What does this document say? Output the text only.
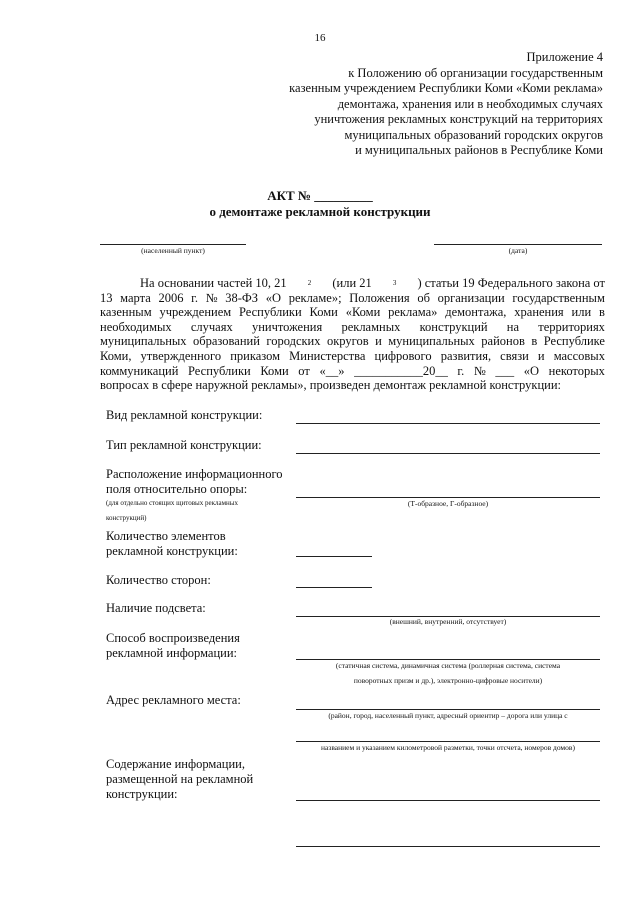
16
Приложение 4
к Положению об организации государственным
казенным учреждением Республики Коми «Коми реклама»
демонтажа, хранения или в необходимых случаях
уничтожения рекламных конструкций на территориях
муниципальных образований городских округов
и муниципальных районов в Республике Коми
АКТ № _________
о демонтаже рекламной конструкции
(населенный пункт)	(дата)
На основании частей 10, 21	2 (или 21	3 ) статьи 19 Федерального закона от
13 марта 2006 г. № 38-ФЗ «О рекламе»; Положения об организации государственным
казенным учреждением Республики Коми «Коми реклама» демонтажа, хранения или в
необходимых случаях уничтожения рекламных конструкций на территориях
муниципальных образований городских округов и муниципальных районов в Республике
Коми, утвержденного приказом Министерства цифрового развития, связи и массовых
коммуникаций Республики Коми от «__» ___________20__ г. № ___ «О некоторых
вопросах в сфере наружной рекламы», произведен демонтаж рекламной конструкции:
Вид рекламной конструкции:
Тип рекламной конструкции:
Расположение информационного
поля относительно опоры:
(для отдельно стоящих щитовых рекламных
конструкций)
(Т-образное, Г-образное)
Количество элементов
рекламной конструкции:
Количество сторон:
Наличие подсвета:
(внешний, внутренний, отсутствует)
Способ воспроизведения
рекламной информации:
(статичная система, динамичная система (роллерная система, система
поворотных призм и др.), электронно-цифровые носители)
Адрес рекламного места:
(район, город, населенный пункт, адресный ориентир – дорога или улица с
названием и указанием километровой разметки, точки отсчета, номеров домов)
Содержание информации,
размещенной на рекламной
конструкции:
